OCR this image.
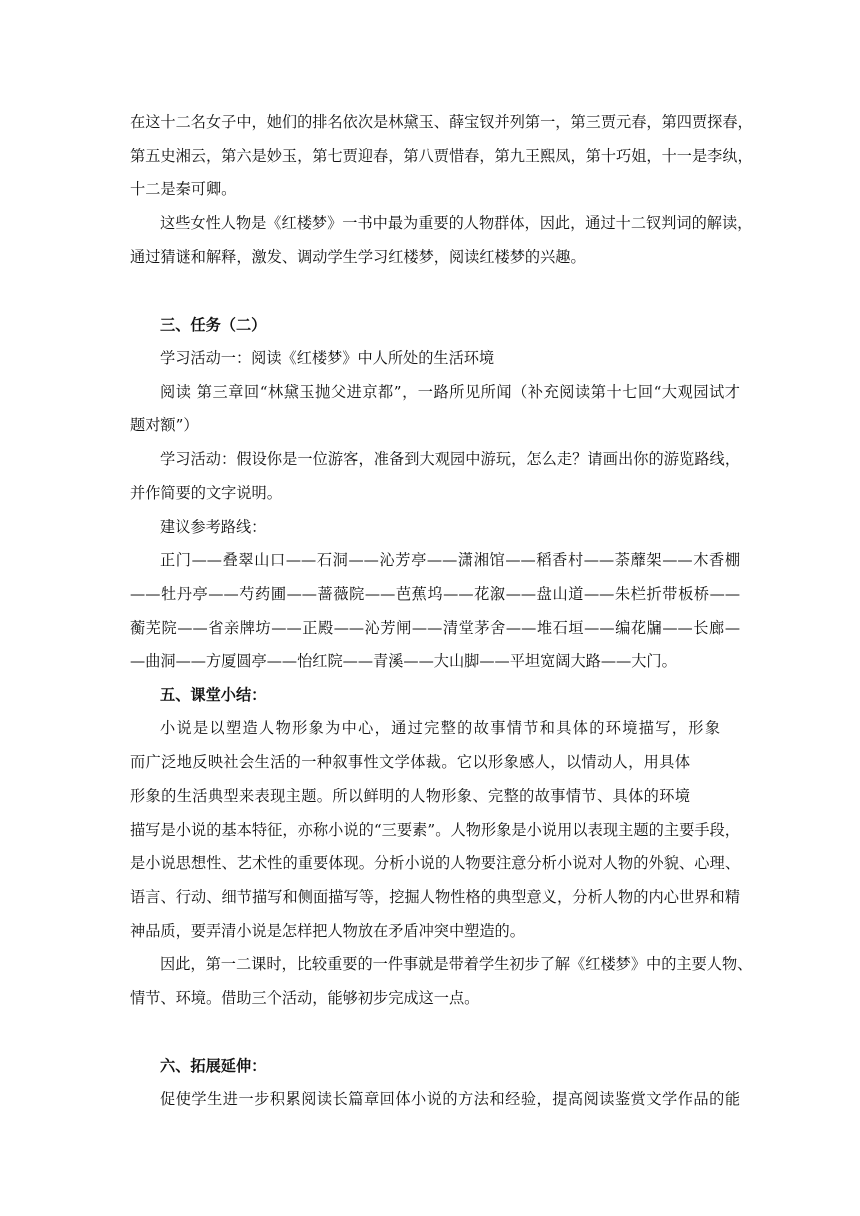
在这十二名女子中，她们的排名依次是林黛玉、薛宝钗并列第一，第三贾元春，第四贾探春，
第五史湘云，第六是妙玉，第七贾迎春，第八贾惜春，第九王熙凤，第十巧姐，十一是李纨，
十二是秦可卿。
这些女性人物是《红楼梦》一书中最为重要的人物群体，因此，通过十二钗判词的解读，
通过猜谜和解释，激发、调动学生学习红楼梦，阅读红楼梦的兴趣。
三、任务（二）
学习活动一：阅读《红楼梦》中人所处的生活环境
阅读 第三章回“林黛玉抛父进京都”，一路所见所闻（补充阅读第十七回“大观园试才
题对额”）
学习活动：假设你是一位游客，准备到大观园中游玩，怎么走？请画出你的游览路线，
并作简要的文字说明。
建议参考路线：
正门——叠翠山口——石洞——沁芳亭——潇湘馆——稻香村——荼蘼架——木香棚
——牡丹亭——芍药圃——蔷薇院——芭蕉坞——花溆——盘山道——朱栏折带板桥——
蘅芜院——省亲牌坊——正殿——沁芳闸——清堂茅舍——堆石垣——编花牖——长廊—
—曲洞——方厦圆亭——怡红院——青溪——大山脚——平坦宽阔大路——大门。
五、课堂小结：
小说是以塑造人物形象为中心，通过完整的故事情节和具体的环境描写，形象
而广泛地反映社会生活的一种叙事性文学体裁。它以形象感人，以情动人，用具体
形象的生活典型来表现主题。所以鲜明的人物形象、完整的故事情节、具体的环境
描写是小说的基本特征，亦称小说的“三要素”。人物形象是小说用以表现主题的主要手段，
是小说思想性、艺术性的重要体现。分析小说的人物要注意分析小说对人物的外貌、心理、
语言、行动、细节描写和侧面描写等，挖掘人物性格的典型意义，分析人物的内心世界和精
神品质，要弄清小说是怎样把人物放在矛盾冲突中塑造的。
因此，第一二课时，比较重要的一件事就是带着学生初步了解《红楼梦》中的主要人物、
情节、环境。借助三个活动，能够初步完成这一点。
六、拓展延伸：
促使学生进一步积累阅读长篇章回体小说的方法和经验，提高阅读鉴赏文学作品的能
